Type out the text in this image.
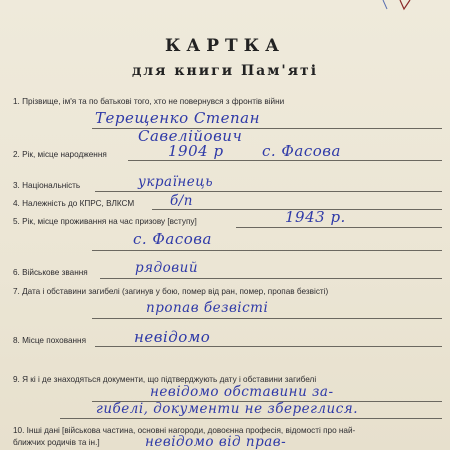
КАРТКА
для книги Пам'яті
1. Прізвище, ім'я та по батькові того, хто не повернувся з фронтів війни
Терещенко Степан
Савелійович
2. Рік, місце народження	1904 р	с. Фасова
3. Національність	українець
4. Належність до КПРС, ВЛКСМ	б/п
5. Рік, місце проживання на час призову [вступу]	1943 р.
с. Фасова
6. Військове звання	рядовий
7. Дата і обставини загибелі (загинув у бою, помер від ран, помер, пропав безвісті)
пропав безвісті
8. Місце поховання	невідомо
9. Я кі і де знаходяться документи, що підтверджують дату і обставини загибелі
невідомо обставини за-
гибелі, документи не збереглися.
10. Інші дані [військова частина, основні нагороди, довоєнна професія, відомості про най-
ближчих родичів та ін.]	невідомо від прав-
